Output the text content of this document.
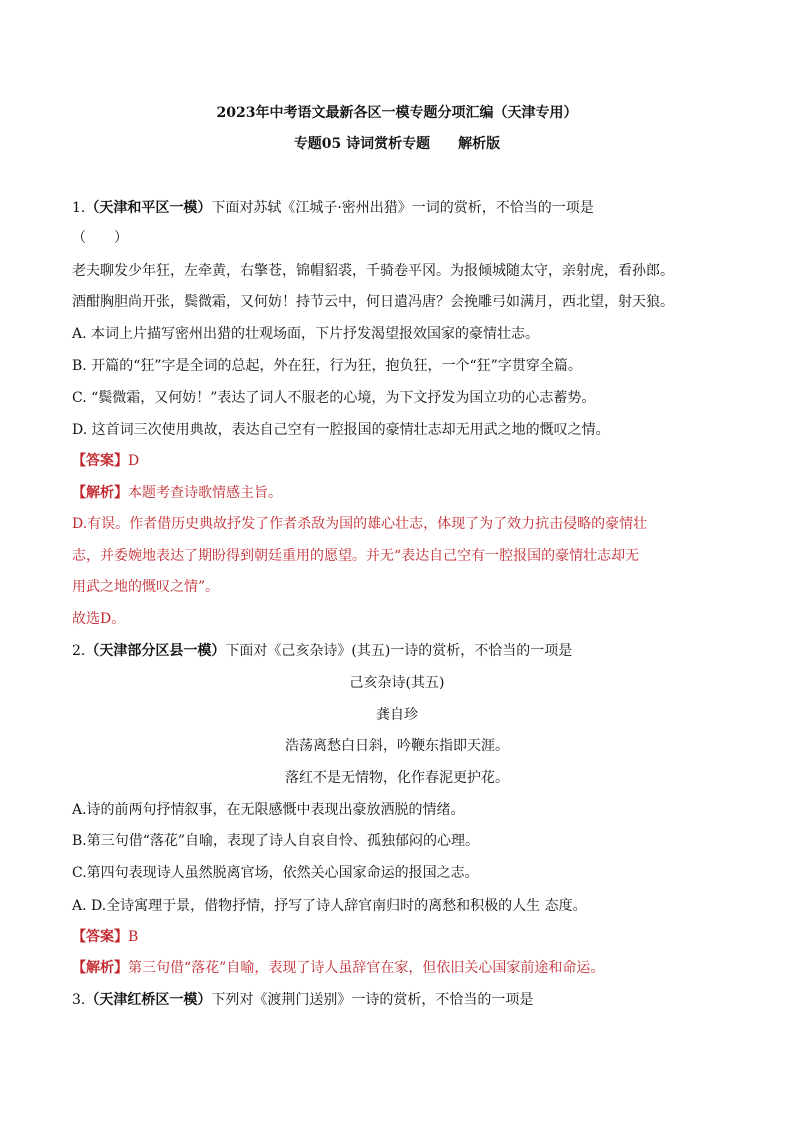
2023年中考语文最新各区一模专题分项汇编（天津专用）
专题05 诗词赏析专题　　解析版
1.（天津和平区一模）下面对苏轼《江城子·密州出猎》一词的赏析，不恰当的一项是
（　　）
老夫聊发少年狂，左牵黄，右擎苍，锦帽貂裘，千骑卷平冈。为报倾城随太守，亲射虎，看孙郎。
酒酣胸胆尚开张，鬓微霜，又何妨！持节云中，何日遣冯唐？会挽雕弓如满月，西北望，射天狼。
A. 本词上片描写密州出猎的壮观场面，下片抒发渴望报效国家的豪情壮志。
B. 开篇的“狂”字是全词的总起，外在狂，行为狂，抱负狂，一个“狂”字贯穿全篇。
C. “鬓微霜，又何妨！”表达了词人不服老的心境，为下文抒发为国立功的心志蓄势。
D. 这首词三次使用典故，表达自己空有一腔报国的豪情壮志却无用武之地的慨叹之情。
【答案】D
【解析】本题考查诗歌情感主旨。
D.有误。作者借历史典故抒发了作者杀敌为国的雄心壮志，体现了为了效力抗击侵略的豪情壮
志，并委婉地表达了期盼得到朝廷重用的愿望。并无“表达自己空有一腔报国的豪情壮志却无
用武之地的慨叹之情”。
故选D。
2.（天津部分区县一模）下面对《己亥杂诗》(其五)一诗的赏析，不恰当的一项是
己亥杂诗(其五)
龚自珍
浩荡离愁白日斜，吟鞭东指即天涯。
落红不是无情物，化作春泥更护花。
A.诗的前两句抒情叙事，在无限感慨中表现出豪放洒脱的情绪。
B.第三句借“落花”自喻，表现了诗人自哀自怜、孤独郁闷的心理。
C.第四句表现诗人虽然脱离官场，依然关心国家命运的报国之志。
A. D.全诗寓理于景，借物抒情，抒写了诗人辞官南归时的离愁和积极的人生 态度。
【答案】B
【解析】第三句借“落花”自喻，表现了诗人虽辞官在家，但依旧关心国家前途和命运。
3.（天津红桥区一模）下列对《渡荆门送别》一诗的赏析，不恰当的一项是
